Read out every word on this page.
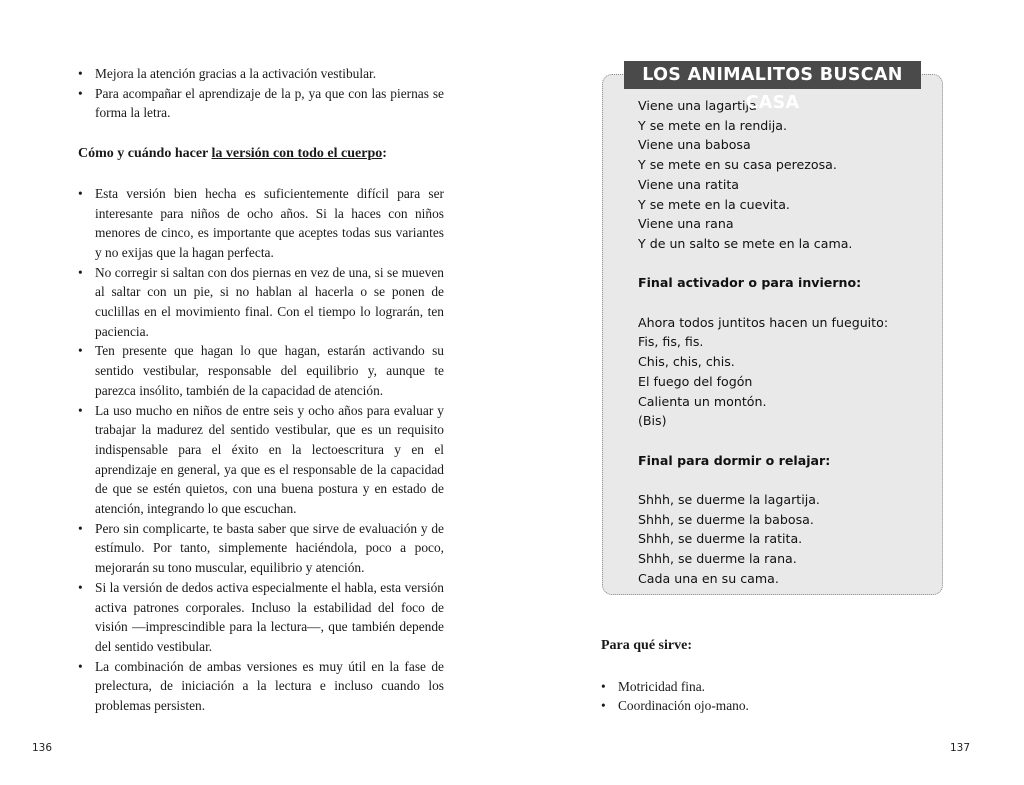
• Mejora la atención gracias a la activación vestibular.
• Para acompañar el aprendizaje de la p, ya que con las piernas se forma la letra.
Cómo y cuándo hacer la versión con todo el cuerpo:
• Esta versión bien hecha es suficientemente difícil para ser interesante para niños de ocho años. Si la haces con niños menores de cinco, es importante que aceptes todas sus variantes y no exijas que la hagan perfecta.
• No corregir si saltan con dos piernas en vez de una, si se mueven al saltar con un pie, si no hablan al hacerla o se ponen de cuclillas en el movimiento final. Con el tiempo lo lograrán, ten paciencia.
• Ten presente que hagan lo que hagan, estarán activando su sentido vestibular, responsable del equilibrio y, aunque te parezca insólito, también de la capacidad de atención.
• La uso mucho en niños de entre seis y ocho años para evaluar y trabajar la madurez del sentido vestibular, que es un requisito indispensable para el éxito en la lectoescritura y en el aprendizaje en general, ya que es el responsable de la capacidad de que se estén quietos, con una buena postura y en estado de atención, integrando lo que escuchan.
• Pero sin complicarte, te basta saber que sirve de evaluación y de estímulo. Por tanto, simplemente haciéndola, poco a poco, mejorarán su tono muscular, equilibrio y atención.
• Si la versión de dedos activa especialmente el habla, esta versión activa patrones corporales. Incluso la estabilidad del foco de visión —imprescindible para la lectura—, que también depende del sentido vestibular.
• La combinación de ambas versiones es muy útil en la fase de prelectura, de iniciación a la lectura e incluso cuando los problemas persisten.
136
LOS ANIMALITOS BUSCAN CASA
Viene una lagartija
Y se mete en la rendija.
Viene una babosa
Y se mete en su casa perezosa.
Viene una ratita
Y se mete en la cuevita.
Viene una rana
Y de un salto se mete en la cama.
Final activador o para invierno:
Ahora todos juntitos hacen un fueguito:
Fis, fis, fis.
Chis, chis, chis.
El fuego del fogón
Calienta un montón.
(Bis)
Final para dormir o relajar:
Shhh, se duerme la lagartija.
Shhh, se duerme la babosa.
Shhh, se duerme la ratita.
Shhh, se duerme la rana.
Cada una en su cama.
Para qué sirve:
• Motricidad fina.
• Coordinación ojo-mano.
137
